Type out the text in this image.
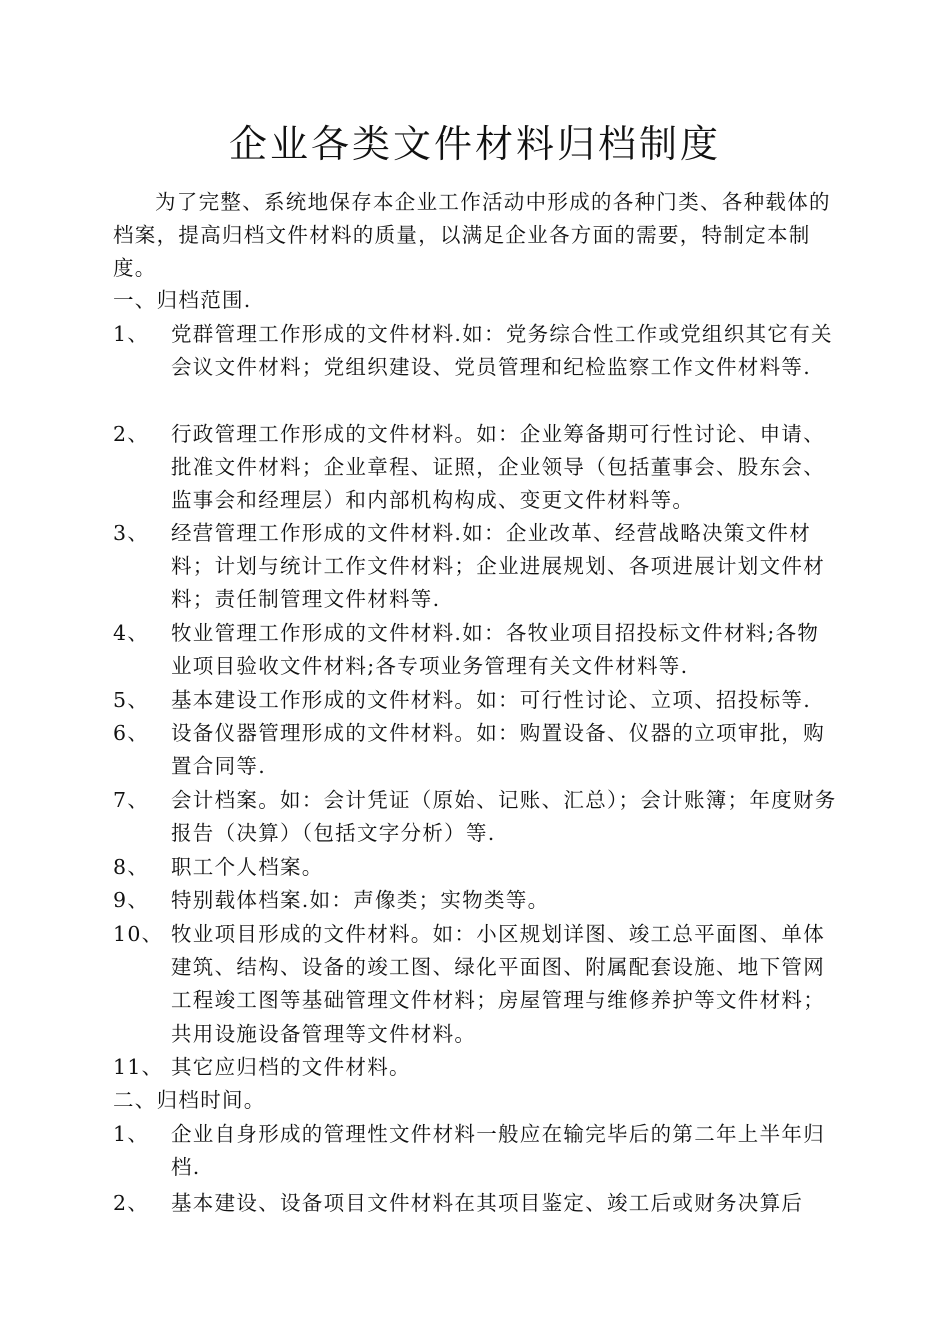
企业各类文件材料归档制度

为了完整、系统地保存本企业工作活动中形成的各种门类、各种载体的档案，提高归档文件材料的质量，以满足企业各方面的需要，特制定本制度。

一、归档范围.

1、	党群管理工作形成的文件材料.如：党务综合性工作或党组织其它有关会议文件材料；党组织建设、党员管理和纪检监察工作文件材料等.
2、	行政管理工作形成的文件材料。如：企业筹备期可行性讨论、申请、批准文件材料；企业章程、证照，企业领导（包括董事会、股东会、监事会和经理层）和内部机构构成、变更文件材料等。
3、	经营管理工作形成的文件材料.如：企业改革、经营战略决策文件材料；计划与统计工作文件材料；企业进展规划、各项进展计划文件材料；责任制管理文件材料等.
4、	牧业管理工作形成的文件材料.如：各牧业项目招投标文件材料;各物业项目验收文件材料;各专项业务管理有关文件材料等.
5、	基本建设工作形成的文件材料。如：可行性讨论、立项、招投标等.
6、	设备仪器管理形成的文件材料。如：购置设备、仪器的立项审批，购置合同等.
7、	会计档案。如：会计凭证（原始、记账、汇总）；会计账簿；年度财务报告（决算）（包括文字分析）等.
8、	职工个人档案。
9、	特别载体档案.如：声像类；实物类等。
10、 牧业项目形成的文件材料。如：小区规划详图、竣工总平面图、单体建筑、结构、设备的竣工图、绿化平面图、附属配套设施、地下管网工程竣工图等基础管理文件材料；房屋管理与维修养护等文件材料；共用设施设备管理等文件材料。
11、 其它应归档的文件材料。

二、归档时间。

1、	企业自身形成的管理性文件材料一般应在输完毕后的第二年上半年归档.
2、	基本建设、设备项目文件材料在其项目鉴定、竣工后或财务决算后
